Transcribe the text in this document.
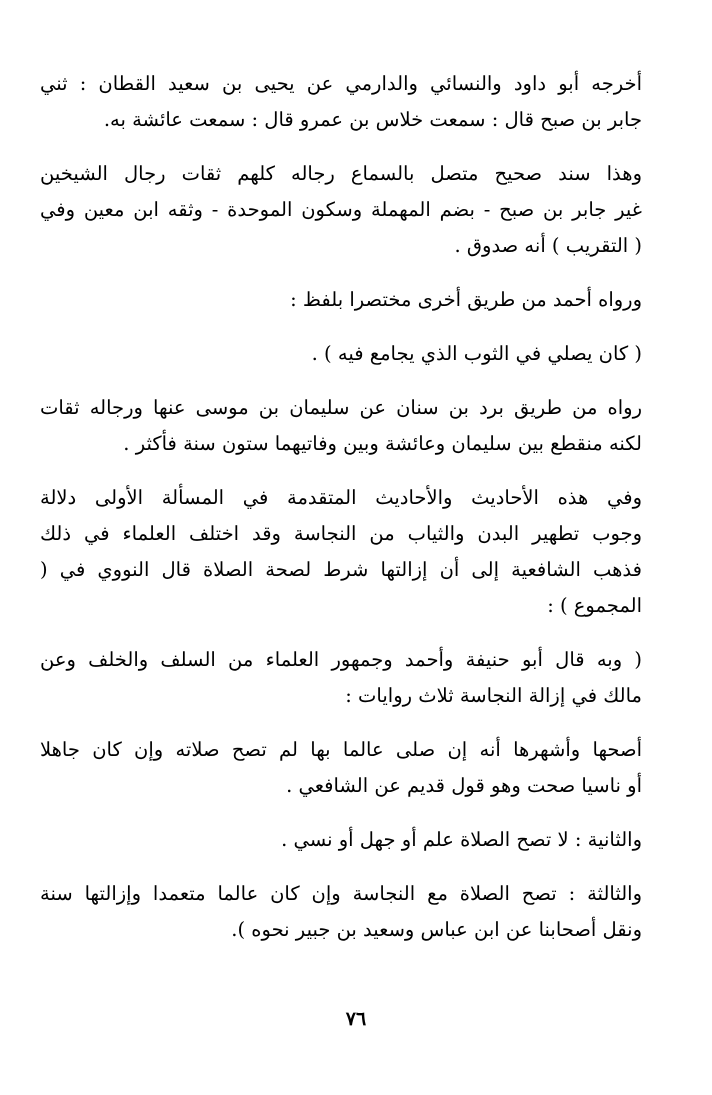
أخرجه أبو داود والنسائي والدارمي عن يحيى بن سعيد القطان : ثني
جابر بن صبح قال : سمعت خلاس بن عمرو قال : سمعت عائشة به.

وهذا سند صحيح متصل بالسماع رجاله كلهم ثقات رجال الشيخين
غير جابر بن صبح - بضم المهملة وسكون الموحدة - وثقه ابن معين وفي
( التقريب ) أنه صدوق .

ورواه أحمد من طريق أخرى مختصرا بلفظ :

( كان يصلي في الثوب الذي يجامع فيه ) .

رواه من طريق برد بن سنان عن سليمان بن موسى عنها ورجاله ثقات
لكنه منقطع بين سليمان وعائشة وبين وفاتيهما ستون سنة فأكثر .

وفي هذه الأحاديث والأحاديث المتقدمة في المسألة الأولى دلالة
وجوب تطهير البدن والثياب من النجاسة وقد اختلف العلماء في ذلك
فذهب الشافعية إلى أن إزالتها شرط لصحة الصلاة قال النووي في (
المجموع ) :

( وبه قال أبو حنيفة وأحمد وجمهور العلماء من السلف والخلف وعن
مالك في إزالة النجاسة ثلاث روايات :

أصحها وأشهرها أنه إن صلى عالما بها لم تصح صلاته وإن كان جاهلا
أو ناسيا صحت وهو قول قديم عن الشافعي .

والثانية : لا تصح الصلاة علم أو جهل أو نسي .

والثالثة : تصح الصلاة مع النجاسة وإن كان عالما متعمدا وإزالتها سنة
ونقل أصحابنا عن ابن عباس وسعيد بن جبير نحوه ).

٧٦
